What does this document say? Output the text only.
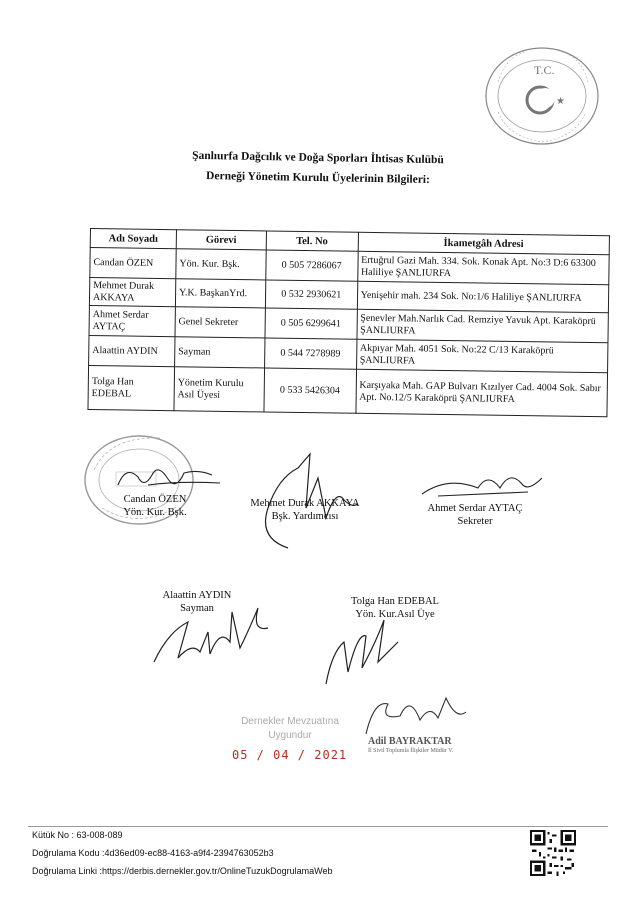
★
T.C.
Şanlıurfa Dağcılık ve Doğa Sporları İhtisas Kulübü
Derneği Yönetim Kurulu Üyelerinin Bilgileri:
Adı Soyadı	Görevi	Tel. No	İkametgâh Adresi
Candan ÖZEN	Yön. Kur. Bşk.	0 505 7286067	Ertuğrul Gazi Mah. 334. Sok. Konak Apt. No:3 D:6 63300 Haliliye ŞANLIURFA
Mehmet Durak AKKAYA	Y.K. BaşkanYrd.	0 532 2930621	Yenişehir mah. 234 Sok. No:1/6 Haliliye ŞANLIURFA
Ahmet Serdar AYTAÇ	Genel Sekreter	0 505 6299641	Şenevler Mah.Narlık Cad. Remziye Yavuk Apt. Karaköprü ŞANLIURFA
Alaattin AYDIN	Sayman	0 544 7278989	Akpıyar Mah. 4051 Sok. No:22 C/13 Karaköprü ŞANLIURFA
Tolga Han EDEBAL	Yönetim Kurulu Asıl Üyesi	0 533 5426304	Karşıyaka Mah. GAP Bulvarı Kızılyer Cad. 4004 Sok. Sabır Apt. No.12/5 Karaköprü ŞANLIURFA
Candan ÖZEN
Yön. Kur. Bşk.
Mehmet Durak AKKAYA
Bşk. Yardımcısı
Ahmet Serdar AYTAÇ
Sekreter
Alaattin AYDIN
Sayman
Tolga Han EDEBAL
Yön. Kur.Asıl Üye
Dernekler Mevzuatına
Uygundur
05 / 04 / 2021
Adil BAYRAKTAR
İl Sivil Toplumla İlişkiler Müdür V.
Kütük No : 63-008-089
Doğrulama Kodu :4d36ed09-ec88-4163-a9f4-2394763052b3
Doğrulama Linki :https://derbis.dernekler.gov.tr/OnlineTuzukDogrulamaWeb
